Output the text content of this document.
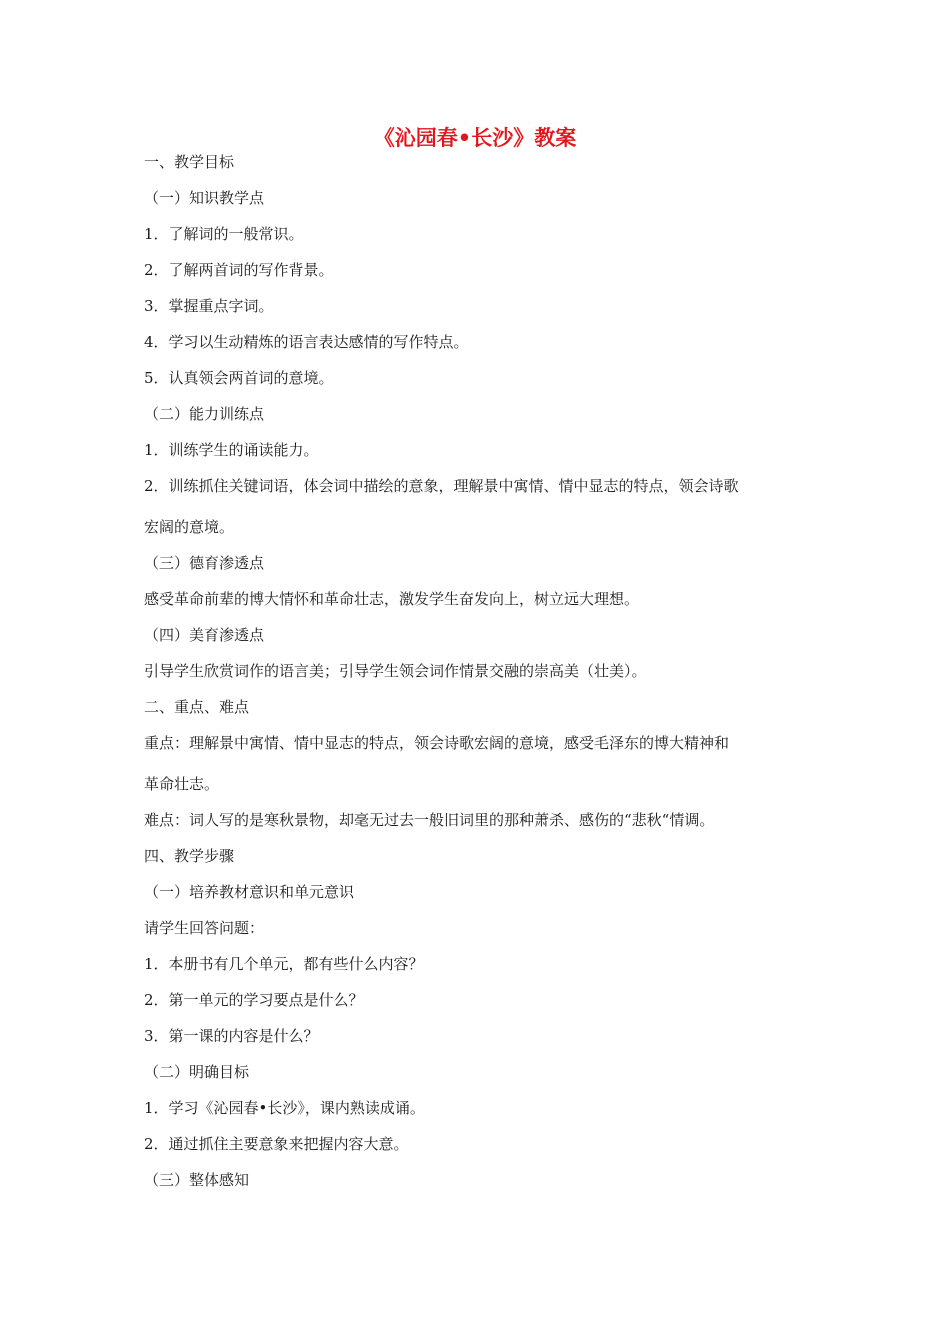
《沁园春•长沙》教案
一、教学目标
（一）知识教学点
1．了解词的一般常识。
2．了解两首词的写作背景。
3．掌握重点字词。
4．学习以生动精炼的语言表达感情的写作特点。
5．认真领会两首词的意境。
（二）能力训练点
1．训练学生的诵读能力。
2．训练抓住关键词语，体会词中描绘的意象，理解景中寓情、情中显志的特点，领会诗歌
宏阔的意境。
（三）德育渗透点
感受革命前辈的博大情怀和革命壮志，激发学生奋发向上，树立远大理想。
（四）美育渗透点
引导学生欣赏词作的语言美；引导学生领会词作情景交融的崇高美（壮美）。
二、重点、难点
重点：理解景中寓情、情中显志的特点，领会诗歌宏阔的意境，感受毛泽东的博大精神和
革命壮志。
难点：词人写的是寒秋景物，却毫无过去一般旧词里的那种萧杀、感伤的“悲秋“情调。
四、教学步骤
（一）培养教材意识和单元意识
请学生回答问题：
1．本册书有几个单元，都有些什么内容？
2．第一单元的学习要点是什么？
3．第一课的内容是什么？
（二）明确目标
1．学习《沁园春•长沙》，课内熟读成诵。
2．通过抓住主要意象来把握内容大意。
（三）整体感知
